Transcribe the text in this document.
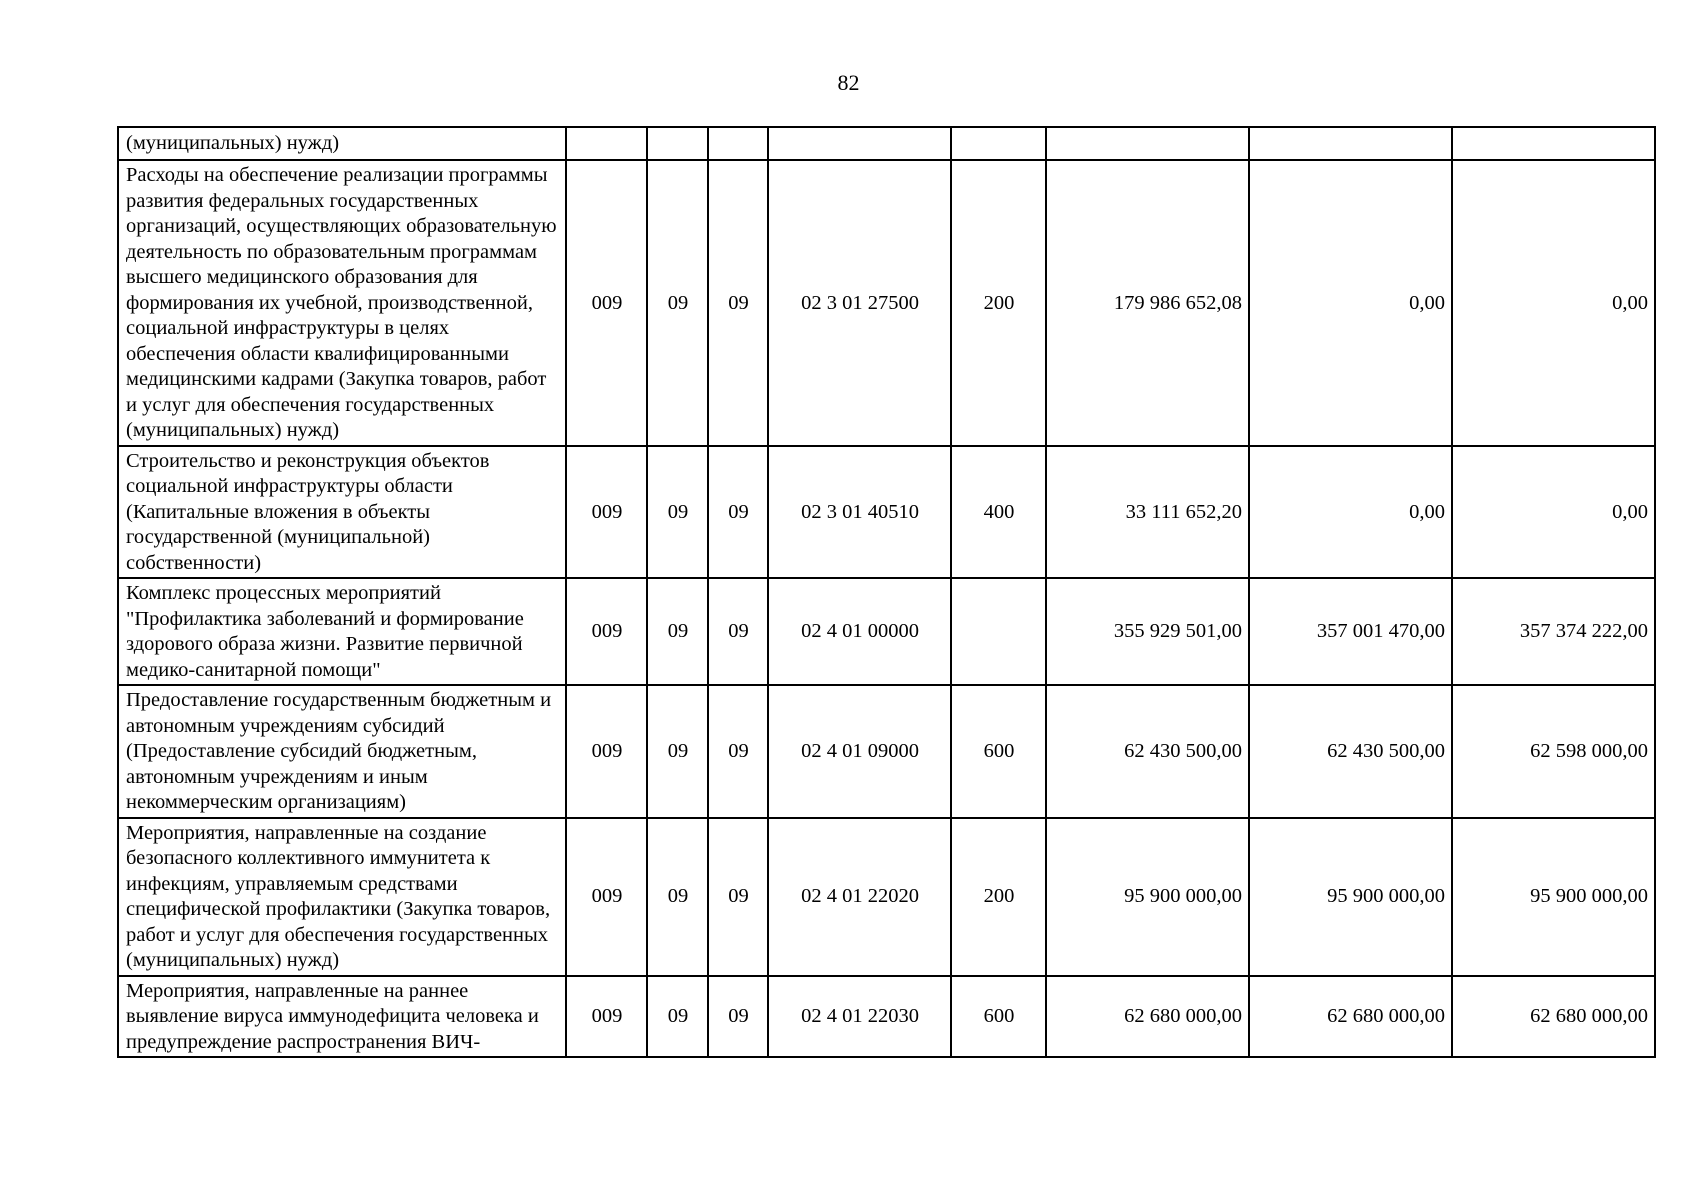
82
(муниципальных) нужд)								
Расходы на обеспечение реализации программы развития федеральных государственных организаций, осуществляющих образовательную деятельность по образовательным программам высшего медицинского образования для формирования их учебной, производственной, социальной инфраструктуры в целях обеспечения области квалифицированными медицинскими кадрами (Закупка товаров, работ и услуг для обеспечения государственных (муниципальных) нужд)	009	09	09	02 3 01 27500	200	179 986 652,08	0,00	0,00
Строительство и реконструкция объектов социальной инфраструктуры области (Капитальные вложения в объекты государственной (муниципальной) собственности)	009	09	09	02 3 01 40510	400	33 111 652,20	0,00	0,00
Комплекс процессных мероприятий "Профилактика заболеваний и формирование здорового образа жизни. Развитие первичной медико-санитарной помощи"	009	09	09	02 4 01 00000		355 929 501,00	357 001 470,00	357 374 222,00
Предоставление государственным бюджетным и автономным учреждениям субсидий (Предоставление субсидий бюджетным, автономным учреждениям и иным некоммерческим организациям)	009	09	09	02 4 01 09000	600	62 430 500,00	62 430 500,00	62 598 000,00
Мероприятия, направленные на создание безопасного коллективного иммунитета к инфекциям, управляемым средствами специфической профилактики (Закупка товаров, работ и услуг для обеспечения государственных (муниципальных) нужд)	009	09	09	02 4 01 22020	200	95 900 000,00	95 900 000,00	95 900 000,00
Мероприятия, направленные на раннее выявление вируса иммунодефицита человека и предупреждение распространения ВИЧ-	009	09	09	02 4 01 22030	600	62 680 000,00	62 680 000,00	62 680 000,00
